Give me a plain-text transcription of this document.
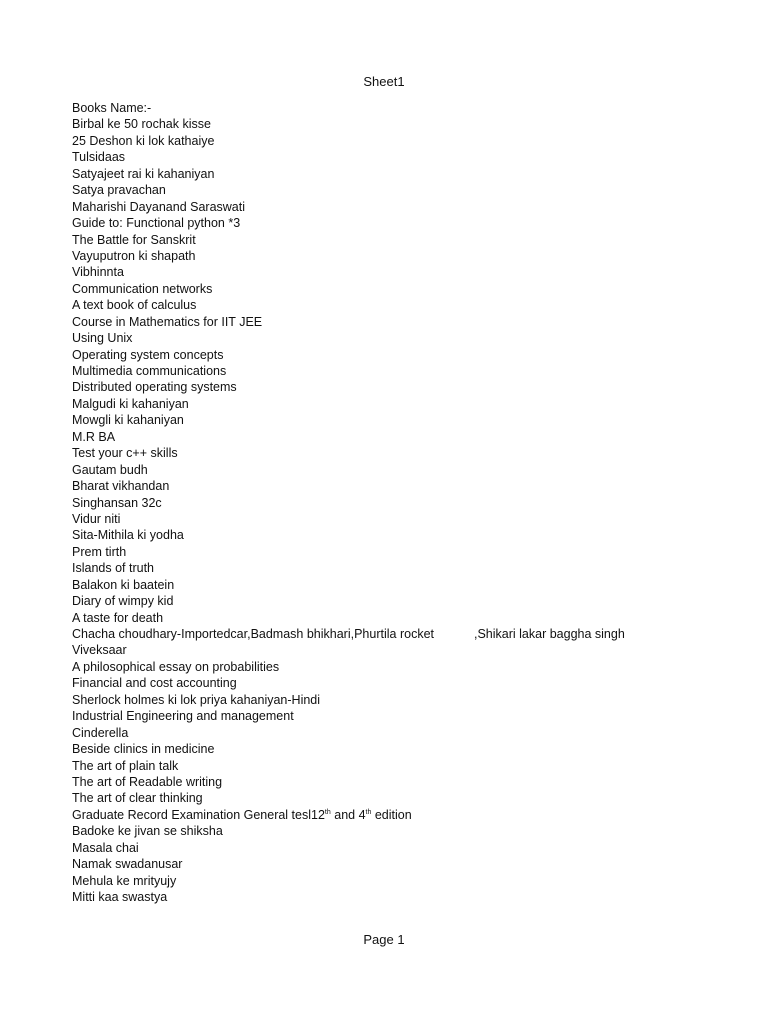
Sheet1
Books Name:-
Birbal ke 50 rochak kisse
25 Deshon ki lok kathaiye
Tulsidaas
Satyajeet rai ki kahaniyan
Satya pravachan
Maharishi Dayanand Saraswati
Guide to: Functional python *3
The Battle for Sanskrit
Vayuputron ki shapath
Vibhinnta
Communication networks
A text book of calculus
Course in Mathematics for IIT JEE
Using Unix
Operating system concepts
Multimedia communications
Distributed operating systems
Malgudi ki kahaniyan
Mowgli ki kahaniyan
M.R BA
Test your c++ skills
Gautam budh
Bharat vikhandan
Singhansan 32c
Vidur niti
Sita-Mithila ki yodha
Prem tirth
Islands of truth
Balakon ki baatein
Diary of wimpy kid
A taste for death
Chacha choudhary-Importedcar,Badmash bhikhari,Phurtila rocket	,Shikari lakar baggha singh
Viveksaar
A philosophical essay on probabilities
Financial and cost accounting
Sherlock holmes ki lok priya kahaniyan-Hindi
Industrial Engineering and management
Cinderella
Beside clinics in medicine
The art of plain talk
The art of Readable writing
The art of clear thinking
Graduate Record Examination General tesl12th and 4th edition
Badoke ke jivan se shiksha
Masala chai
Namak swadanusar
Mehula ke mrityujy
Mitti kaa swastya
Page 1
